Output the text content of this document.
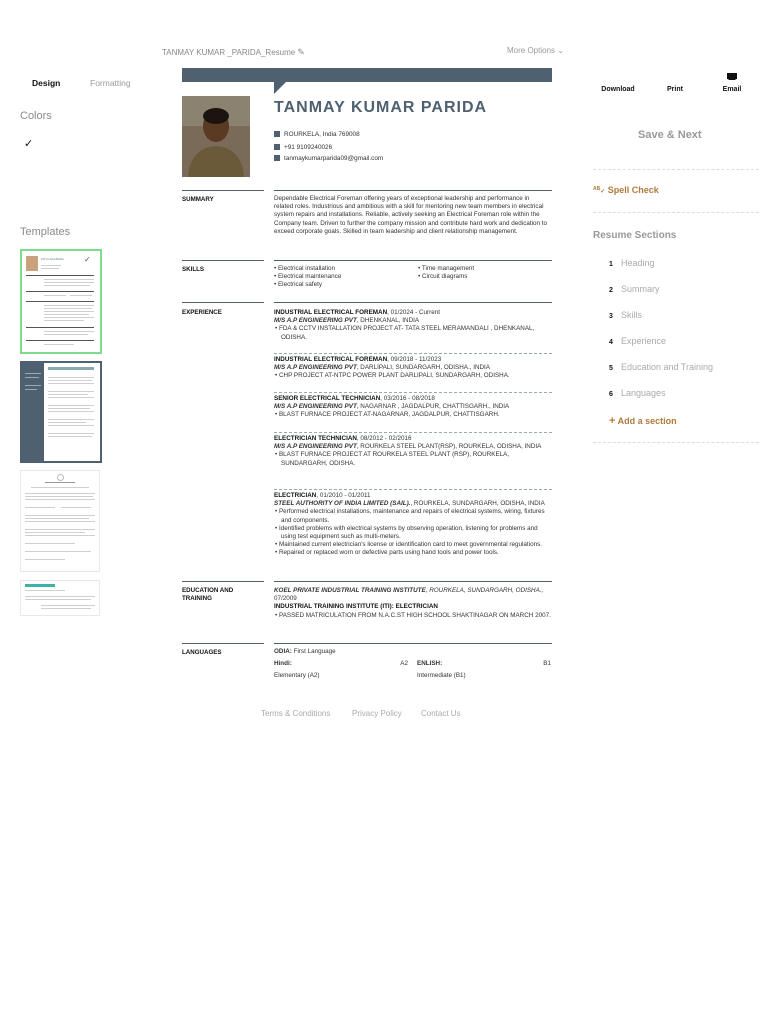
TANMAY KUMAR _PARIDA_Resume ✎	More Options ⌄
Design	Formatting
Colors
✓
Templates
ZOYA AGARWAL ✓
TANMAY KUMAR PARIDA
ROURKELA, India 769008
+91 9109240026
tanmaykumarparida09@gmail.com
SUMMARY	Dependable Electrical Foreman offering years of exceptional leadership and performance in related roles. Industrious and ambitious with a skill for mentoring new team members in electrical system repairs and installations. Reliable, actively seeking an Electrical Foreman role within the Company team. Driven to further the company mission and contribute hard work and dedication to exceed corporate goals. Skilled in team leadership and client relationship management.
SKILLS	• Electrical installation
• Electrical maintenance
• Electrical safety
• Time management
• Circuit diagrams
EXPERIENCE	INDUSTRIAL ELECTRICAL FOREMAN, 01/2024 - Current
M/S A.P ENGINEERING PVT, DHENKANAL, INDIA
• FDA & CCTV INSTALLATION PROJECT AT- TATA STEEL MERAMANDALI , DHENKANAL, ODISHA.
INDUSTRIAL ELECTRICAL FOREMAN, 09/2018 - 11/2023
M/S A.P ENGINEERING PVT, DARLIPALI, SUNDARGARH, ODISHA., INDIA
• CHP PROJECT AT-NTPC POWER PLANT DARLIPALI, SUNDARGARH, ODISHA.
SENIOR ELECTRICAL TECHNICIAN, 03/2016 - 08/2018
M/S A.P ENGINEERING PVT, NAGARNAR , JAGDALPUR, CHATTISGARH., INDIA
• BLAST FURNACE PROJECT AT-NAGARNAR, JAGDALPUR, CHATTISGARH.
ELECTRICIAN TECHNICIAN, 08/2012 - 02/2016
M/S A.P ENGINEERING PVT, ROURKELA STEEL PLANT(RSP), ROURKELA, ODISHA, INDIA
• BLAST FURNACE PROJECT AT ROURKELA STEEL PLANT (RSP), ROURKELA, SUNDARGARH, ODISHA.
ELECTRICIAN, 01/2010 - 01/2011
STEEL AUTHORITY OF INDIA LIMITED (SAIL)., ROURKELA, SUNDARGARH, ODISHA, INDIA
• Performed electrical installations, maintenance and repairs of electrical systems, wiring, fixtures and components.
• Identified problems with electrical systems by observing operation, listening for problems and using test equipment such as multi-meters.
• Maintained current electrician's license or identification card to meet governmental regulations.
• Repaired or replaced worn or defective parts using hand tools and power tools.
EDUCATION AND TRAINING
KOEL PRIVATE INDUSTRIAL TRAINING INSTITUTE, ROURKELA, SUNDARGARH, ODISHA.,
07/2009
INDUSTRIAL TRAINING INSTITUTE (ITI): ELECTRICIAN
• PASSED MATRICULATION FROM N.A.C.ST HIGH SCHOOL SHAKTINAGAR ON MARCH 2007.
LANGUAGES	ODIA: First Language
Hindi:	A2
Elementary (A2)
ENLISH:	B1
Intermediate (B1)
Download	Print	Email
Save & Next
$^{AB}$✓ Spell Check
Resume Sections
1 Heading
2 Summary
3 Skills
4 Experience
5 Education and Training
6 Languages
+ Add a section
Terms & Conditions	Privacy Policy Contact Us
